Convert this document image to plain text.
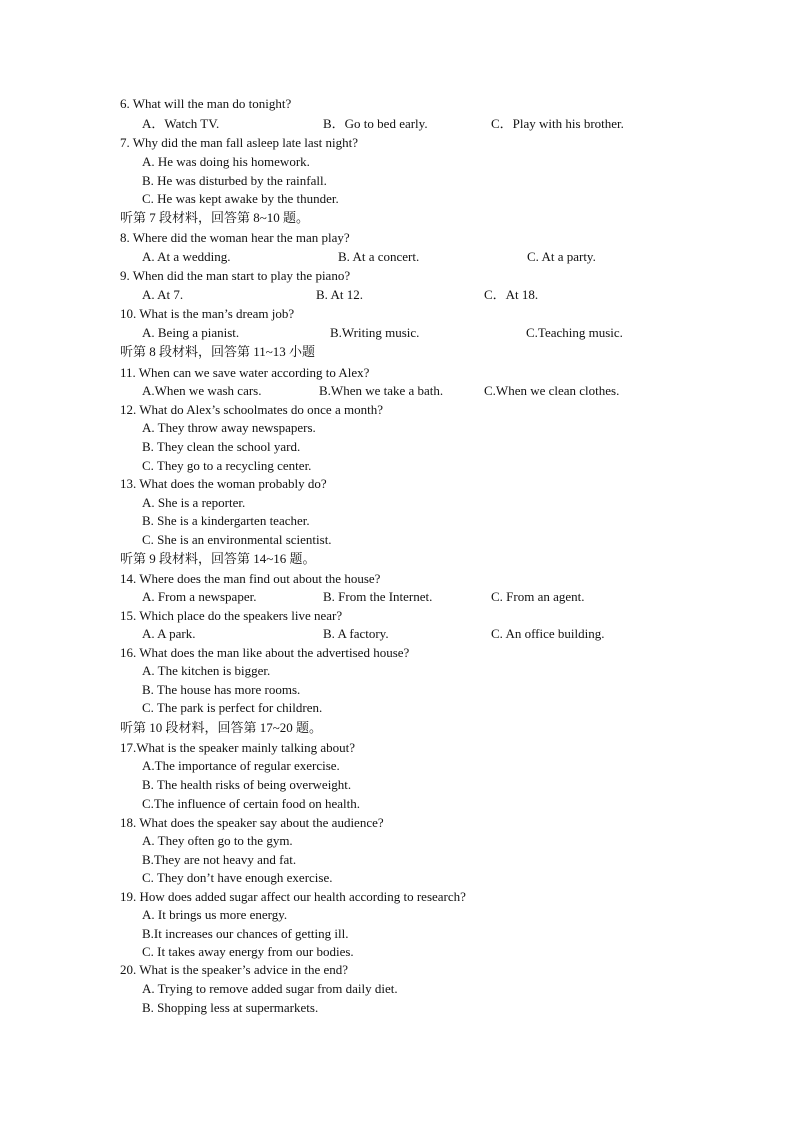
6. What will the man do tonight?
A．Watch TV.	B．Go to bed early.	C．Play with his brother.
7. Why did the man fall asleep late last night?
A. He was doing his homework.
B. He was disturbed by the rainfall.
C. He was kept awake by the thunder.
听第 7 段材料，回答第 8~10 题。
8. Where did the woman hear the man play?
A. At a wedding.	B. At a concert.	C. At a party.
9. When did the man start to play the piano?
A. At 7.	B. At 12.	C．At 18.
10. What is the man’s dream job?
A. Being a pianist.	B.Writing music.	C.Teaching music.
听第 8 段材料，回答第 11~13 小题
11. When can we save water according to Alex?
A.When we wash cars.	B.When we take a bath.	C.When we clean clothes.
12. What do Alex’s schoolmates do once a month?
A. They throw away newspapers.
B. They clean the school yard.
C. They go to a recycling center.
13. What does the woman probably do?
A. She is a reporter.
B. She is a kindergarten teacher.
C. She is an environmental scientist.
听第 9 段材料，回答第 14~16 题。
14. Where does the man find out about the house?
A. From a newspaper.	B. From the Internet.	C. From an agent.
15. Which place do the speakers live near?
A. A park.	B. A factory.	C. An office building.
16. What does the man like about the advertised house?
A. The kitchen is bigger.
B. The house has more rooms.
C. The park is perfect for children.
听第 10 段材料，回答第 17~20 题。
17.What is the speaker mainly talking about?
A.The importance of regular exercise.
B. The health risks of being overweight.
C.The influence of certain food on health.
18. What does the speaker say about the audience?
A. They often go to the gym.
B.They are not heavy and fat.
C. They don’t have enough exercise.
19. How does added sugar affect our health according to research?
A. It brings us more energy.
B.It increases our chances of getting ill.
C. It takes away energy from our bodies.
20. What is the speaker’s advice in the end?
A. Trying to remove added sugar from daily diet.
B. Shopping less at supermarkets.
